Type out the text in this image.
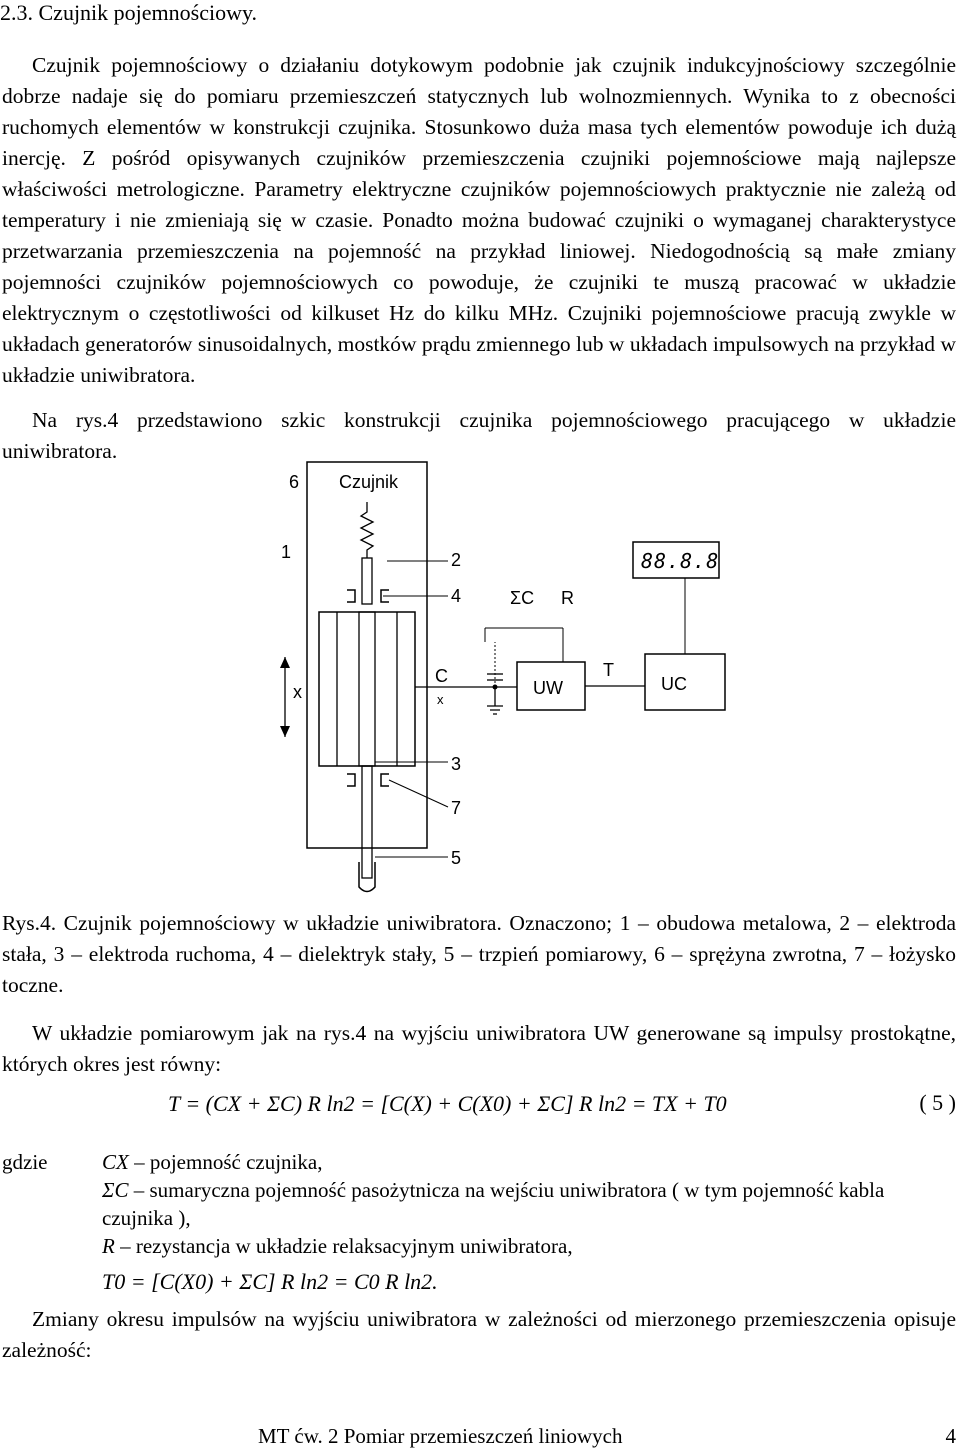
2.3. Czujnik pojemnościowy.

Czujnik pojemnościowy o działaniu dotykowym podobnie jak czujnik indukcyjnościowy szczególnie dobrze nadaje się do pomiaru przemieszczeń statycznych lub wolnozmiennych. Wynika to z obecności ruchomych elementów w konstrukcji czujnika. Stosunkowo duża masa tych elementów powoduje ich dużą inercję. Z pośród opisywanych czujników przemieszczenia czujniki pojemnościowe mają najlepsze właściwości metrologiczne. Parametry elektryczne czujników pojemnościowych praktycznie nie zależą od temperatury i nie zmieniają się w czasie. Ponadto można budować czujniki o wymaganej charakterystyce przetwarzania przemieszczenia na pojemność na przykład liniowej. Niedogodnością są małe zmiany pojemności czujników pojemnościowych co powoduje, że czujniki te muszą pracować w układzie elektrycznym o częstotliwości od kilkuset Hz do kilku MHz. Czujniki pojemnościowe pracują zwykle w układach generatorów sinusoidalnych, mostków prądu zmiennego lub w układach impulsowych na przykład w układzie uniwibratora.

Na rys.4 przedstawiono szkic konstrukcji czujnika pojemnościowego pracującego w układzie uniwibratora.

6 Czujnik
1	2
4
x
C
x
ΣC R
UW
T
UC
88.8.8
3
7
5

Rys.4. Czujnik pojemnościowy w układzie uniwibratora. Oznaczono; 1 – obudowa metalowa, 2 – elektroda stała, 3 – elektroda ruchoma, 4 – dielektryk stały, 5 – trzpień pomiarowy, 6 – sprężyna zwrotna, 7 – łożysko toczne.

W układzie pomiarowym jak na rys.4 na wyjściu uniwibratora UW generowane są impulsy prostokątne, których okres jest równy:

T = (CX + ΣC) R ln2 = [C(X) + C(X0) + ΣC] R ln2 = TX + T0	( 5 )
gdzie	CX – pojemność czujnika,
ΣC – sumaryczna pojemność pasożytnicza na wejściu uniwibratora ( w tym pojemność kabla czujnika ),
R – rezystancja w układzie relaksacyjnym uniwibratora,
T0 = [C(X0) + ΣC] R ln2 = C0 R ln2.

Zmiany okresu impulsów na wyjściu uniwibratora w zależności od mierzonego przemieszczenia opisuje zależność:

MT ćw. 2 Pomiar przemieszczeń liniowych	4
